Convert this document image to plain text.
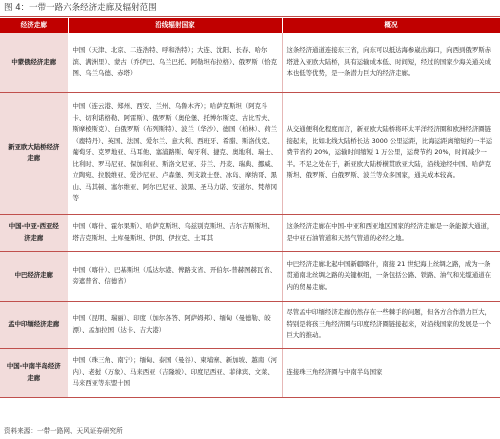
图 4：一带一路六条经济走廊及辐射范围
经济走廊	沿线辐射国家	概况
中蒙俄经济走廊	中国（天津、北京、二连浩特、呼和浩特）；大连、沈阳、长春、哈尔滨、满洲里）、蒙古（乔伊巴、乌兰巴托、阿勒坦布拉格）、俄罗斯（恰克图、乌兰乌德、赤塔）	这条经济通道连接东三省，向东可以抵达海参崴出海口，向西到俄罗斯赤塔进入亚欧大陆桥，具有运输成本低、时间短，经过的国家少海关通关成本也低等优势，是一条潜力巨大的经济走廊。
新亚欧大陆桥经济走廊	中国（连云港、郑州、西安、兰州、乌鲁木齐）；哈萨克斯坦（阿克斗卡、切利诺格勒、阿雷斯）、俄罗斯（奥伦堡、托博尔斯克、古比雪夫、斯摩棱斯克）、白俄罗斯（布列斯特）、波兰（华沙）、德国（柏林）、荷兰（鹿特丹）、英国、法国、爱尔兰、意大利、西班牙、希腊、斯洛伐克、葡萄牙、克罗地亚、马耳他、塞浦路斯、匈牙利、捷克、奥地利、瑞士、比利时、罗马尼亚、保加利亚、斯洛文尼亚、芬兰、丹麦、瑞典、挪威、立陶宛、拉脱维亚、爱沙尼亚、卢森堡、列支敦士登、冰岛、摩纳哥、黑山、马其顿、塞尔维亚、阿尔巴尼亚、波黑、圣马力诺、安道尔、梵蒂冈等	从交通便利化程度而言，新亚欧大陆桥将环太平洋经济圈和欧洲经济圈链接起来，比如北线大陆桥长达 3000 公里运距，比海运距离缩短约一半运费节省约 20%，运输时间缩短 1 万公里，运费节约 20%，时间减少一半。不足之处在于，新亚欧大陆桥横贯欧亚大陆，沿线途经中国、哈萨克斯坦、俄罗斯、白俄罗斯、波兰等众多国家，通关成本较高。
中国-中亚-西亚经济走廊	中国（喀什、霍尔果斯）、哈萨克斯坦、乌兹别克斯坦、吉尔吉斯斯坦、塔吉克斯坦、土库曼斯坦、伊朗、伊拉克、土耳其	这条经济走廊在中国-中亚和西亚地区国家的经济走廊是一条能源大通道，是中亚石油管道和天然气管道的必经之地。
中巴经济走廊	中国（喀什）、巴基斯坦（瓜达尔港、俾路支省、开伯尔-普赫图赫瓦省、旁遮普省、信德省）	中巴经济走廊北起中国新疆喀什，南接 21 世纪海上丝绸之路，成为一条贯通南北丝绸之路的关键枢纽，一条包括公路、铁路、油气和光缆通道在内的贸易走廊。
孟中印缅经济走廊	中国（昆明、瑞丽）、印度（加尔各答、阿萨姆邦）、缅甸（曼德勒、皎漂）、孟加拉国（达卡、吉大港）	尽管孟中印缅经济走廊仍然存在一些棘手的问题，但各方合作潜力巨大，特别是将孩三角经济圈与印度经济圈链接起来，对沿线国家的发展是一个巨大的推动。
中国-中南半岛经济走廊	中国（珠三角、南宁）；缅甸、泰国（曼谷）、柬埔寨、新加坡、越南（河内）、老挝（万象）、马来西亚（吉隆坡）、印度尼西亚、菲律宾、文莱、马来西亚等东盟十国	连接珠三角经济圈与中南半岛国家
资料来源：一带一路网、天风证券研究所
